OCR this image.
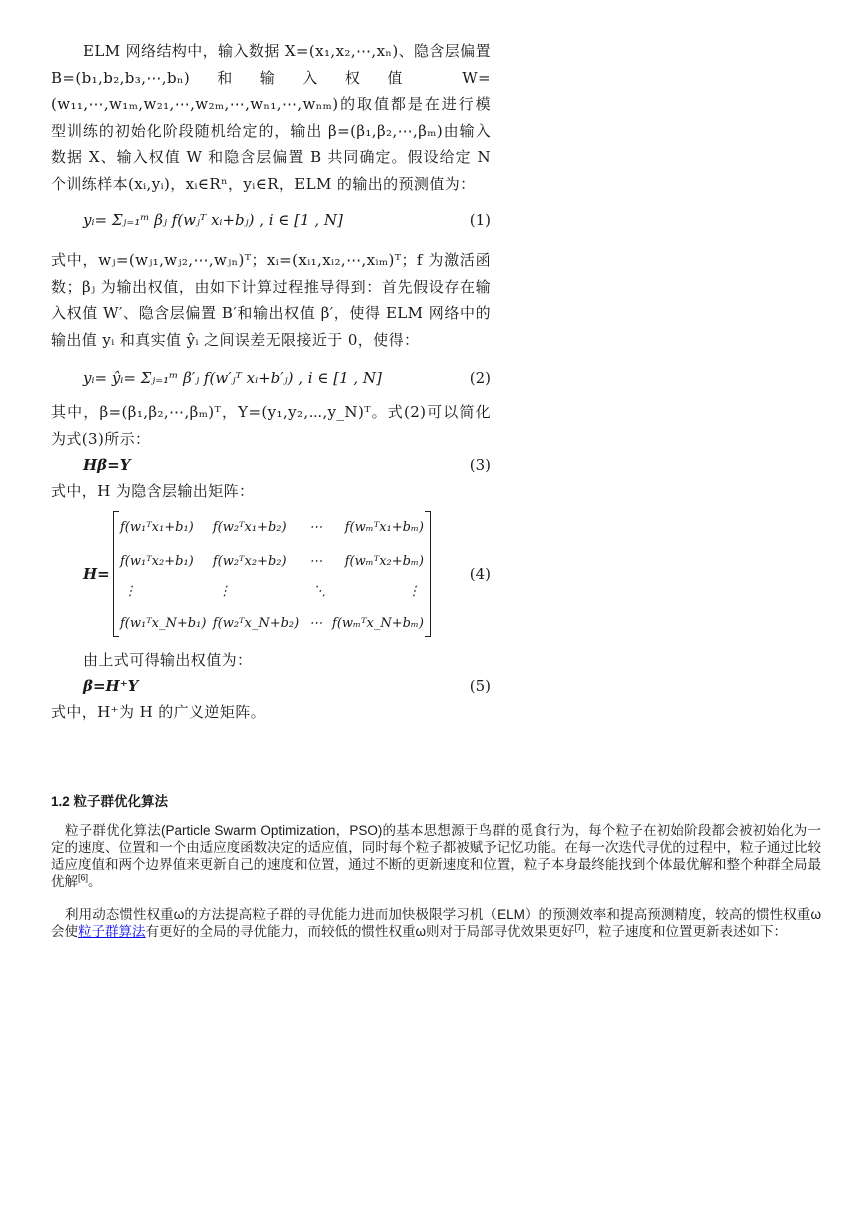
ELM 网络结构中，输入数据 X=(x₁,x₂,⋯,xₙ)、隐含层偏置 B=(b₁,b₂,b₃,⋯,bₙ)和输入权值 W=(w₁₁,⋯,w₁ₘ,w₂₁,⋯,w₂ₘ,⋯,wₙ₁,⋯,wₙₘ)的取值都是在进行模型训练的初始化阶段随机给定的，输出 β=(β₁,β₂,⋯,βₘ)由输入数据 X、输入权值 W 和隐含层偏置 B 共同确定。假设给定 N 个训练样本(xᵢ,yᵢ)，xᵢ∈Rⁿ，yᵢ∈R，ELM 的输出的预测值为：

yᵢ= Σⱼ₌₁ᵐ βⱼ f(wⱼᵀ xᵢ+bⱼ) , i ∈ [1 , N]	(1)

式中，wⱼ=(wⱼ₁,wⱼ₂,⋯,wⱼₙ)ᵀ；xᵢ=(xᵢ₁,xᵢ₂,⋯,xᵢₘ)ᵀ；f 为激活函数；βⱼ 为输出权值，由如下计算过程推导得到：首先假设存在输入权值 W′、隐含层偏置 B′和输出权值 β′，使得 ELM 网络中的输出值 yᵢ 和真实值 ŷᵢ 之间误差无限接近于 0，使得：

yᵢ= ŷᵢ= Σⱼ₌₁ᵐ β′ⱼ f(w′ⱼᵀ xᵢ+b′ⱼ) , i ∈ [1 , N]	(2)

其中，β=(β₁,β₂,⋯,βₘ)ᵀ，Y=(y₁,y₂,⋯,y_N)ᵀ。式(2)可以简化为式(3)所示：

Hβ=Y	(3)

式中，H 为隐含层输出矩阵：

H=
f(w₁ᵀx₁+b₁) f(w₂ᵀx₁+b₂) ⋯ f(wₘᵀx₁+bₘ)
f(w₁ᵀx₂+b₁) f(w₂ᵀx₂+b₂) ⋯ f(wₘᵀx₂+bₘ)
⋮	⋮	⋱	⋮
f(w₁ᵀx_N+b₁) f(w₂ᵀx_N+b₂) ⋯ f(wₘᵀx_N+bₘ)
(4)

由上式可得输出权值为：

β=H⁺Y	(5)

式中，H⁺为 H 的广义逆矩阵。

1.2 粒子群优化算法

粒子群优化算法(Particle Swarm Optimization，PSO)的基本思想源于鸟群的觅食行为，每个粒子在初始阶段都会被初始化为一定的速度、位置和一个由适应度函数决定的适应值，同时每个粒子都被赋予记忆功能。在每一次迭代寻优的过程中，粒子通过比较适应度值和两个边界值来更新自己的速度和位置，通过不断的更新速度和位置，粒子本身最终能找到个体最优解和整个种群全局最优解[6]。

利用动态惯性权重ω的方法提高粒子群的寻优能力进而加快极限学习机（ELM）的预测效率和提高预测精度，较高的惯性权重ω会使粒子群算法有更好的全局的寻优能力，而较低的惯性权重ω则对于局部寻优效果更好[7]，粒子速度和位置更新表述如下：
